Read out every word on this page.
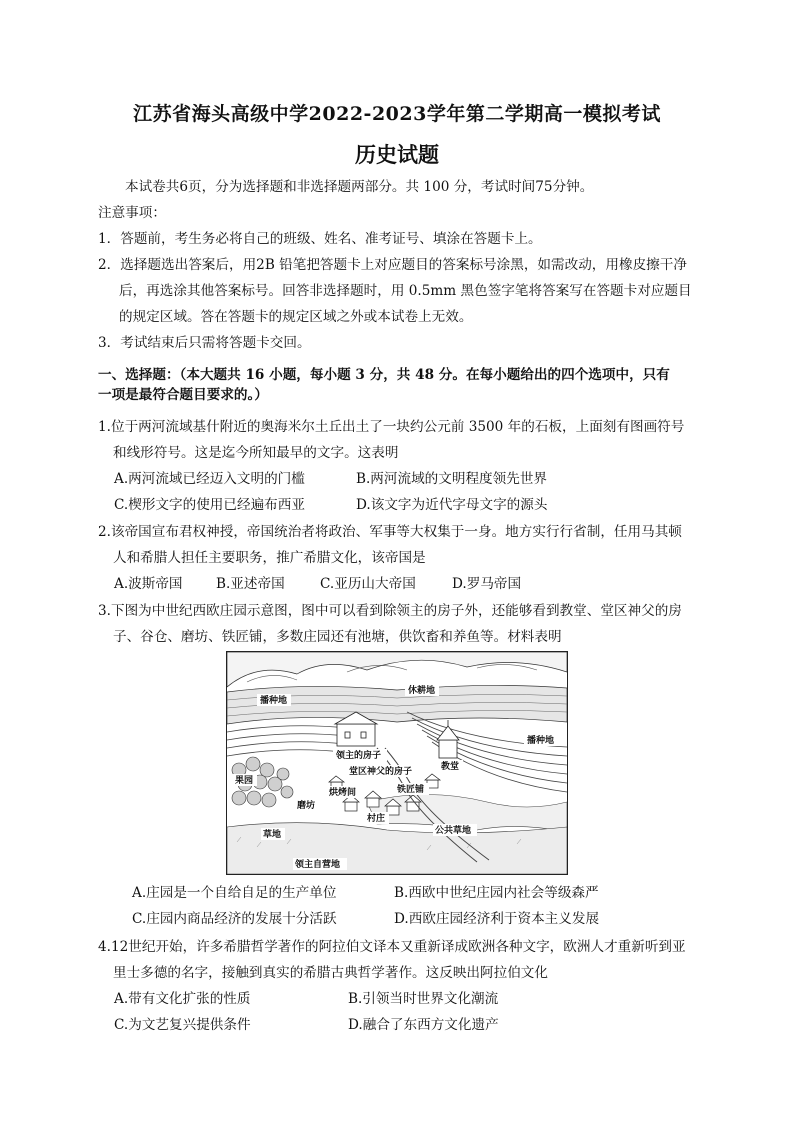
江苏省海头高级中学2022-2023学年第二学期高一模拟考试
历史试题
本试卷共6页，分为选择题和非选择题两部分。共 100 分，考试时间75分钟。
注意事项：
1．答题前，考生务必将自己的班级、姓名、准考证号、填涂在答题卡上。
2．选择题选出答案后，用2B 铅笔把答题卡上对应题目的答案标号涂黑，如需改动，用橡皮擦干净
后，再选涂其他答案标号。回答非选择题时，用 0.5mm 黑色签字笔将答案写在答题卡对应题目
的规定区域。答在答题卡的规定区域之外或本试卷上无效。
3．考试结束后只需将答题卡交回。
一、选择题：（本大题共 16 小题，每小题 3 分，共 48 分。在每小题给出的四个选项中，只有
一项是最符合题目要求的。）
1.位于两河流域基什附近的奥海米尔土丘出土了一块约公元前 3500 年的石板，上面刻有图画符号
和线形符号。这是迄今所知最早的文字。这表明
A.两河流域已经迈入文明的门槛	B.两河流域的文明程度领先世界
C.楔形文字的使用已经遍布西亚	D.该文字为近代字母文字的源头
2.该帝国宣布君权神授，帝国统治者将政治、军事等大权集于一身。地方实行行省制，任用马其顿
人和希腊人担任主要职务，推广希腊文化，该帝国是
A.波斯帝国 B.亚述帝国	C.亚历山大帝国	D.罗马帝国
3.下图为中世纪西欧庄园示意图，图中可以看到除领主的房子外，还能够看到教堂、堂区神父的房
子、谷仓、磨坊、铁匠铺，多数庄园还有池塘，供饮畜和养鱼等。材料表明
播种地
休耕地
播种地
领主的房子
教堂
堂区神父的房子
果园
烘烤间
磨坊
铁匠铺
村庄
草地	公共草地
领主自营地
A.庄园是一个自给自足的生产单位	B.西欧中世纪庄园内社会等级森严
C.庄园内商品经济的发展十分活跃	D.西欧庄园经济利于资本主义发展
4.12世纪开始，许多希腊哲学著作的阿拉伯文译本又重新译成欧洲各种文字，欧洲人才重新听到亚
里士多德的名字，接触到真实的希腊古典哲学著作。这反映出阿拉伯文化
A.带有文化扩张的性质	B.引领当时世界文化潮流
C.为文艺复兴提供条件	D.融合了东西方文化遗产
